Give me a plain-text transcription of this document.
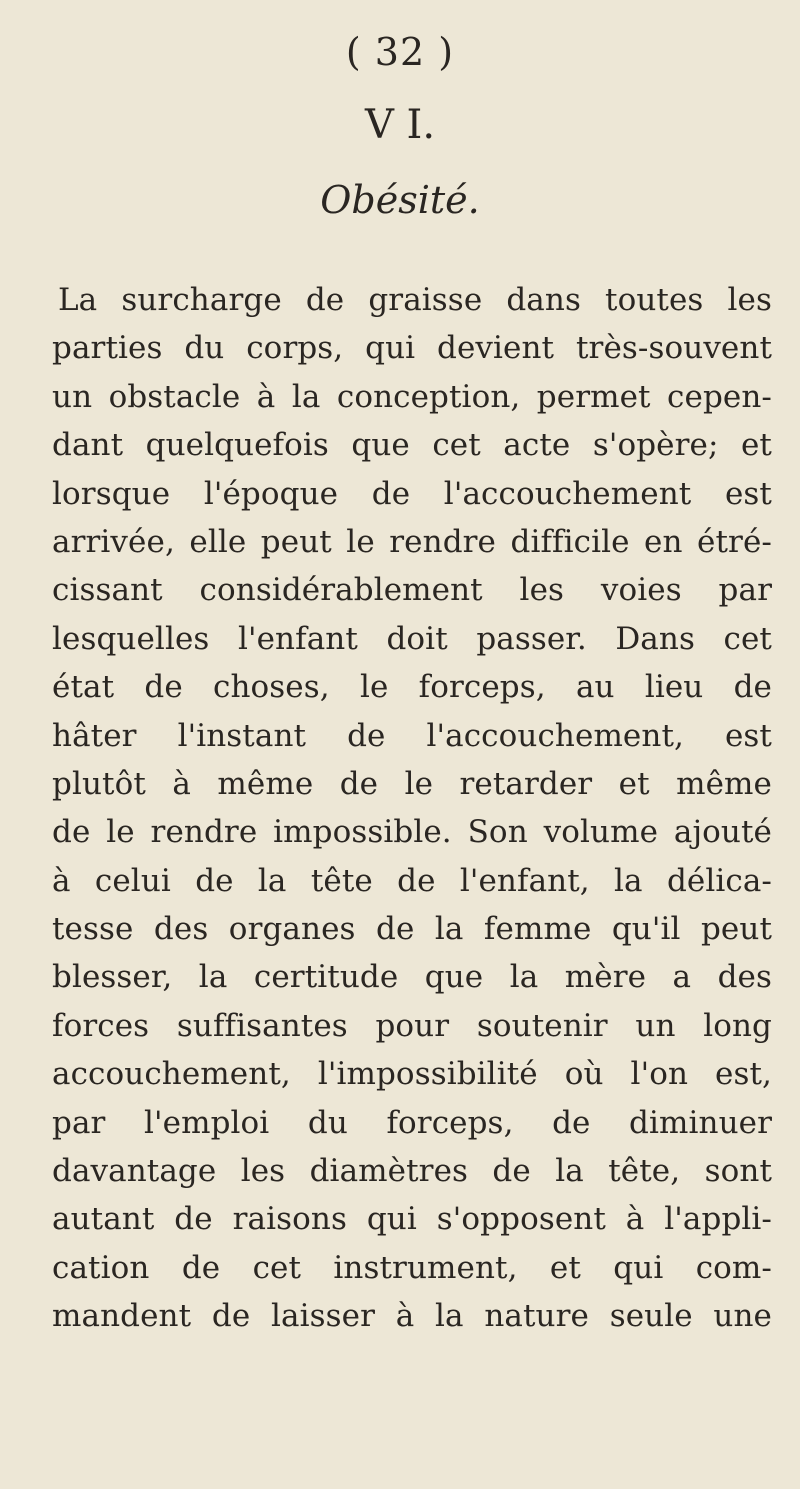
( 32 )
V I.
Obésité.
La surcharge de graisse dans toutes les
parties du corps, qui devient très-souvent
un obstacle à la conception, permet cepen-
dant quelquefois que cet acte s'opère; et
lorsque l'époque de l'accouchement est
arrivée, elle peut le rendre difficile en étré-
cissant considérablement les voies par
lesquelles l'enfant doit passer. Dans cet
état de choses, le forceps, au lieu de
hâter l'instant de l'accouchement, est
plutôt à même de le retarder et même
de le rendre impossible. Son volume ajouté
à celui de la tête de l'enfant, la délica-
tesse des organes de la femme qu'il peut
blesser, la certitude que la mère a des
forces suffisantes pour soutenir un long
accouchement, l'impossibilité où l'on est,
par l'emploi du forceps, de diminuer
davantage les diamètres de la tête, sont
autant de raisons qui s'opposent à l'appli-
cation de cet instrument, et qui com-
mandent de laisser à la nature seule une
